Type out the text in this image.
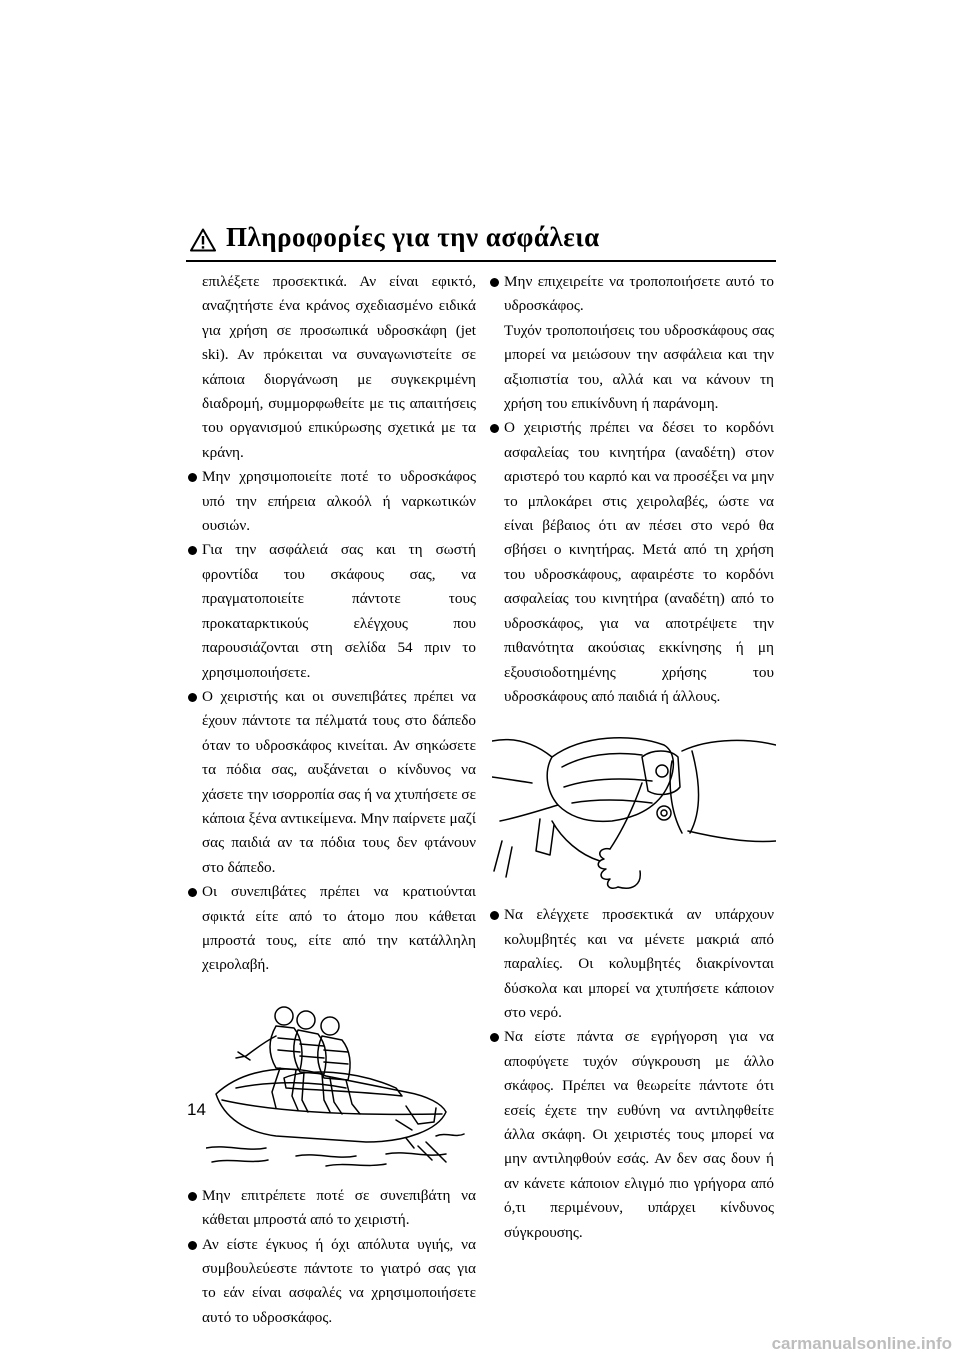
Πληροφορίες για την ασφάλεια
επιλέξετε προσεκτικά. Αν είναι εφικτό, αναζητήστε ένα κράνος σχεδιασμένο ειδικά για χρήση σε προσωπικά υδροσκάφη (jet ski). Αν πρόκειται να συναγωνιστείτε σε κάποια διοργάνωση με συγκεκριμένη διαδρομή, συμμορφωθείτε με τις απαιτήσεις του οργανισμού επικύρωσης σχετικά με τα κράνη.
Μην χρησιμοποιείτε ποτέ το υδροσκάφος υπό την επήρεια αλκοόλ ή ναρκωτικών ουσιών.
Για την ασφάλειά σας και τη σωστή φροντίδα του σκάφους σας, να πραγματοποιείτε πάντοτε τους προκαταρκτικούς ελέγχους που παρουσιάζονται στη σελίδα 54 πριν το χρησιμοποιήσετε.
Ο χειριστής και οι συνεπιβάτες πρέπει να έχουν πάντοτε τα πέλματά τους στο δάπεδο όταν το υδροσκάφος κινείται. Αν σηκώσετε τα πόδια σας, αυξάνεται ο κίνδυνος να χάσετε την ισορροπία σας ή να χτυπήσετε σε κάποια ξένα αντικείμενα. Μην παίρνετε μαζί σας παιδιά αν τα πόδια τους δεν φτάνουν στο δάπεδο.
Οι συνεπιβάτες πρέπει να κρατιούνται σφικτά είτε από το άτομο που κάθεται μπροστά τους, είτε από την κατάλληλη χειρολαβή.
Μην επιτρέπετε ποτέ σε συνεπιβάτη να κάθεται μπροστά από το χειριστή.
Αν είστε έγκυος ή όχι απόλυτα υγιής, να συμβουλεύεστε πάντοτε το γιατρό σας για το εάν είναι ασφαλές να χρησιμοποιήσετε αυτό το υδροσκάφος.
Μην επιχειρείτε να τροποποιήσετε αυτό το υδροσκάφος.
Τυχόν τροποποιήσεις του υδροσκάφους σας μπορεί να μειώσουν την ασφάλεια και την αξιοπιστία του, αλλά και να κάνουν τη χρήση του επικίνδυνη ή παράνομη.
Ο χειριστής πρέπει να δέσει το κορδόνι ασφαλείας του κινητήρα (αναδέτη) στον αριστερό του καρπό και να προσέξει να μην το μπλοκάρει στις χειρολαβές, ώστε να είναι βέβαιος ότι αν πέσει στο νερό θα σβήσει ο κινητήρας. Μετά από τη χρήση του υδροσκάφους, αφαιρέστε το κορδόνι ασφαλείας του κινητήρα (αναδέτη) από το υδροσκάφος, για να αποτρέψετε την πιθανότητα ακούσιας εκκίνησης ή μη εξουσιοδοτημένης χρήσης του υδροσκάφους από παιδιά ή άλλους.
Να ελέγχετε προσεκτικά αν υπάρχουν κολυμβητές και να μένετε μακριά από παραλίες. Οι κολυμβητές διακρίνονται δύσκολα και μπορεί να χτυπήσετε κάποιον στο νερό.
Να είστε πάντα σε εγρήγορση για να αποφύγετε τυχόν σύγκρουση με άλλο σκάφος. Πρέπει να θεωρείτε πάντοτε ότι εσείς έχετε την ευθύνη να αντιληφθείτε άλλα σκάφη. Οι χειριστές τους μπορεί να μην αντιληφθούν εσάς. Αν δεν σας δουν ή αν κάνετε κάποιον ελιγμό πιο γρήγορα από ό,τι περιμένουν, υπάρχει κίνδυνος σύγκρουσης.
14
carmanualsonline.info
